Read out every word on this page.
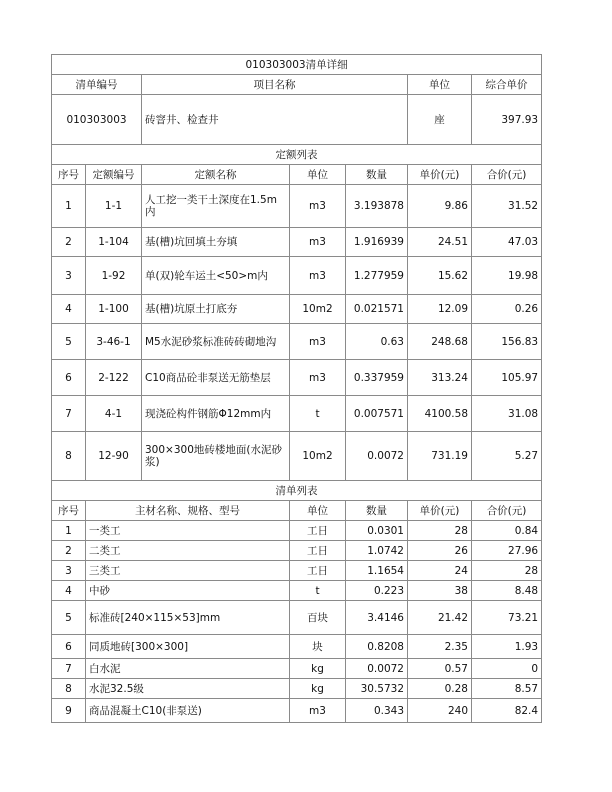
010303003清单详细						
清单编号		项目名称			单位	综合单价
010303003		砖窨井、检查井			座	397.93
定额列表						
序号	定额编号	定额名称	单位	数量	单价(元)	合价(元)
1	1-1	人工挖一类干土深度在1.5m内	m3	3.193878	9.86	31.52
2	1-104	基(槽)坑回填土夯填	m3	1.916939	24.51	47.03
3	1-92	单(双)轮车运土<50>m内	m3	1.277959	15.62	19.98
4	1-100	基(槽)坑原土打底夯	10m2	0.021571	12.09	0.26
5	3-46-1	M5水泥砂浆标准砖砖砌地沟	m3	0.63	248.68	156.83
6	2-122	C10商品砼非泵送无筋垫层	m3	0.337959	313.24	105.97
7	4-1	现浇砼构件钢筋Φ12mm内	t	0.007571	4100.58	31.08
8	12-90	300×300地砖楼地面(水泥砂浆)	10m2	0.0072	731.19	5.27
清单列表						
序号	主材名称、规格、型号		单位	数量	单价(元)	合价(元)
1	一类工		工日	0.0301	28	0.84
2	二类工		工日	1.0742	26	27.96
3	三类工		工日	1.1654	24	28
4	中砂		t	0.223	38	8.48
5	标准砖[240×115×53]mm		百块	3.4146	21.42	73.21
6	同质地砖[300×300]		块	0.8208	2.35	1.93
7	白水泥		kg	0.0072	0.57	0
8	水泥32.5级		kg	30.5732	0.28	8.57
9	商品混凝土C10(非泵送)		m3	0.343	240	82.4
